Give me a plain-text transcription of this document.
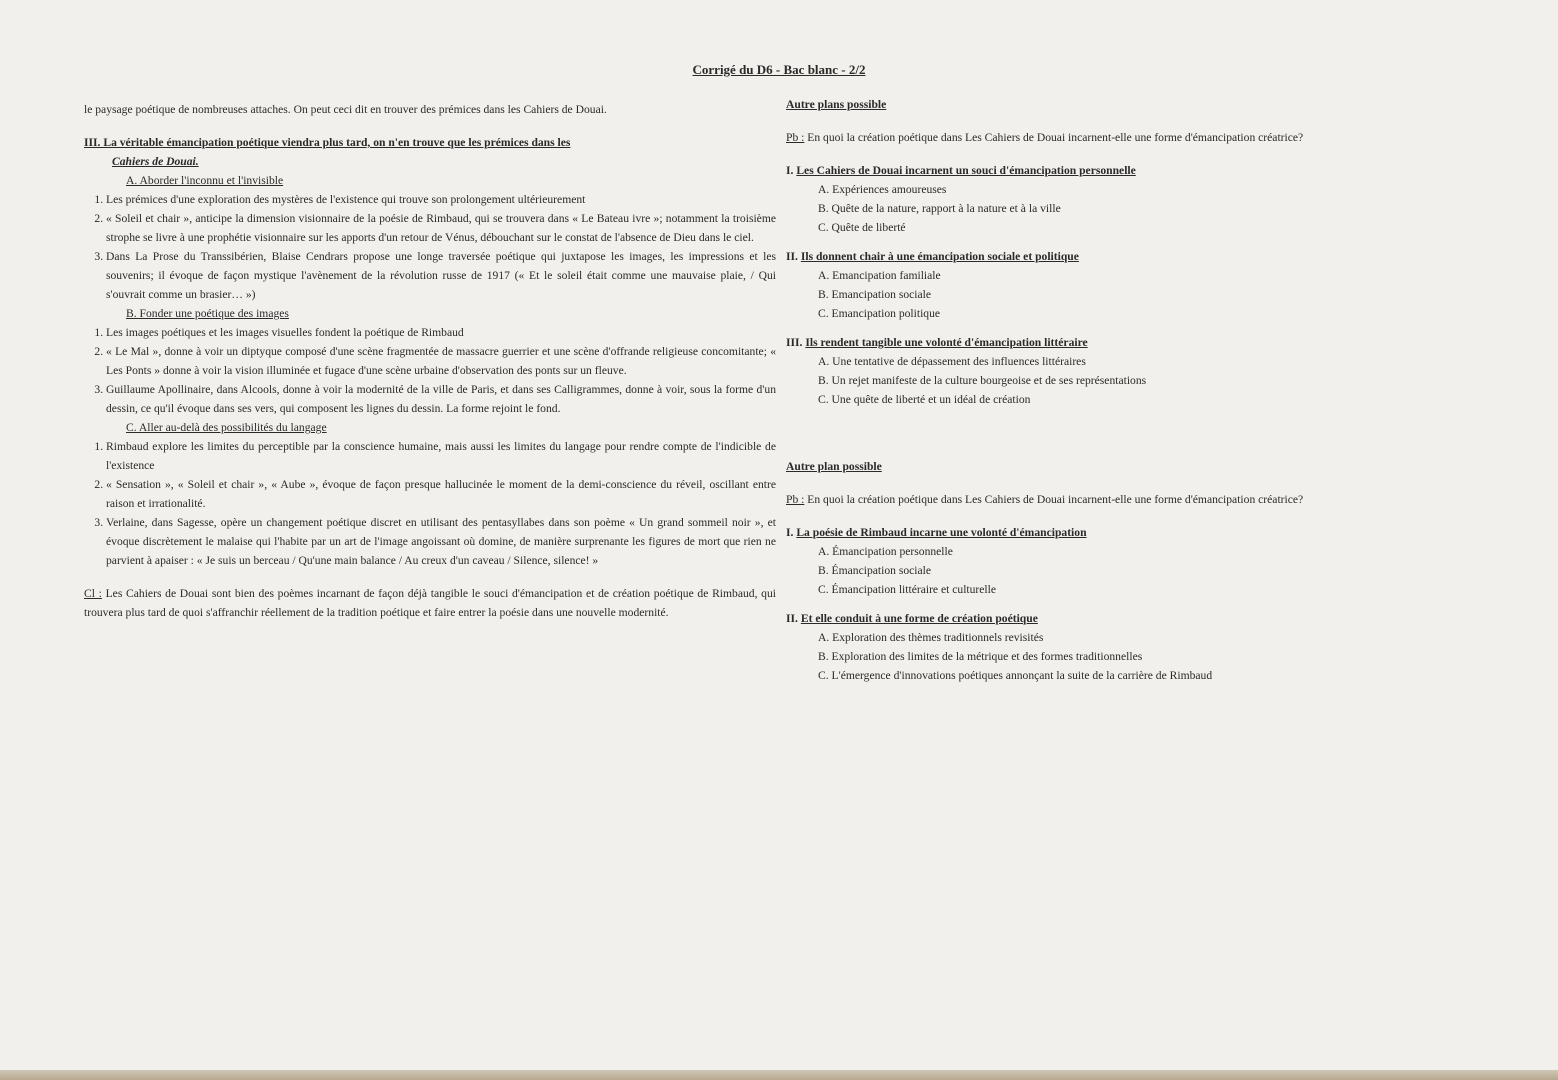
Corrigé du D6 - Bac blanc - 2/2

le paysage poétique de nombreuses attaches. On peut ceci dit en trouver des prémices dans les Cahiers de Douai.

III. La véritable émancipation poétique viendra plus tard, on n'en trouve que les prémices dans les

Cahiers de Douai.

A. Aborder l'inconnu et l'invisible
1. Les prémices d'une exploration des mystères de l'existence qui trouve son prolongement ultérieurement
2. « Soleil et chair », anticipe la dimension visionnaire de la poésie de Rimbaud, qui se trouvera dans « Le Bateau ivre »; notamment la troisième strophe se livre à une prophétie visionnaire sur les apports d'un retour de Vénus, débouchant sur le constat de l'absence de Dieu dans le ciel.
3. Dans La Prose du Transsibérien, Blaise Cendrars propose une longe traversée poétique qui juxtapose les images, les impressions et les souvenirs; il évoque de façon mystique l'avènement de la révolution russe de 1917 (« Et le soleil était comme une mauvaise plaie, / Qui s'ouvrait comme un brasier… »)
B. Fonder une poétique des images
1. Les images poétiques et les images visuelles fondent la poétique de Rimbaud
2. « Le Mal », donne à voir un diptyque composé d'une scène fragmentée de massacre guerrier et une scène d'offrande religieuse concomitante; « Les Ponts » donne à voir la vision illuminée et fugace d'une scène urbaine d'observation des ponts sur un fleuve.
3. Guillaume Apollinaire, dans Alcools, donne à voir la modernité de la ville de Paris, et dans ses Calligrammes, donne à voir, sous la forme d'un dessin, ce qu'il évoque dans ses vers, qui composent les lignes du dessin. La forme rejoint le fond.
C. Aller au-delà des possibilités du langage
1. Rimbaud explore les limites du perceptible par la conscience humaine, mais aussi les limites du langage pour rendre compte de l'indicible de l'existence
2. « Sensation », « Soleil et chair », « Aube », évoque de façon presque hallucinée le moment de la demi-conscience du réveil, oscillant entre raison et irrationalité.
3. Verlaine, dans Sagesse, opère un changement poétique discret en utilisant des pentasyllabes dans son poème « Un grand sommeil noir », et évoque discrètement le malaise qui l'habite par un art de l'image angoissant où domine, de manière surprenante les figures de mort que rien ne parvient à apaiser : « Je suis un berceau / Qu'une main balance / Au creux d'un caveau / Silence, silence! »

Cl : Les Cahiers de Douai sont bien des poèmes incarnant de façon déjà tangible le souci d'émancipation et de création poétique de Rimbaud, qui trouvera plus tard de quoi s'affranchir réellement de la tradition poétique et faire entrer la poésie dans une nouvelle modernité.

Autre plans possible

Pb : En quoi la création poétique dans Les Cahiers de Douai incarnent-elle une forme d'émancipation créatrice?

I. Les Cahiers de Douai incarnent un souci d'émancipation personnelle

A. Expériences amoureuses

B. Quête de la nature, rapport à la nature et à la ville

C. Quête de liberté

II. Ils donnent chair à une émancipation sociale et politique

A. Emancipation familiale

B. Emancipation sociale

C. Emancipation politique

III. Ils rendent tangible une volonté d'émancipation littéraire

A. Une tentative de dépassement des influences littéraires

B. Un rejet manifeste de la culture bourgeoise et de ses représentations

C. Une quête de liberté et un idéal de création

Autre plan possible

Pb : En quoi la création poétique dans Les Cahiers de Douai incarnent-elle une forme d'émancipation créatrice?

I. La poésie de Rimbaud incarne une volonté d'émancipation

A. Émancipation personnelle

B. Émancipation sociale

C. Émancipation littéraire et culturelle

II. Et elle conduit à une forme de création poétique

A. Exploration des thèmes traditionnels revisités

B. Exploration des limites de la métrique et des formes traditionnelles

C. L'émergence d'innovations poétiques annonçant la suite de la carrière de Rimbaud
